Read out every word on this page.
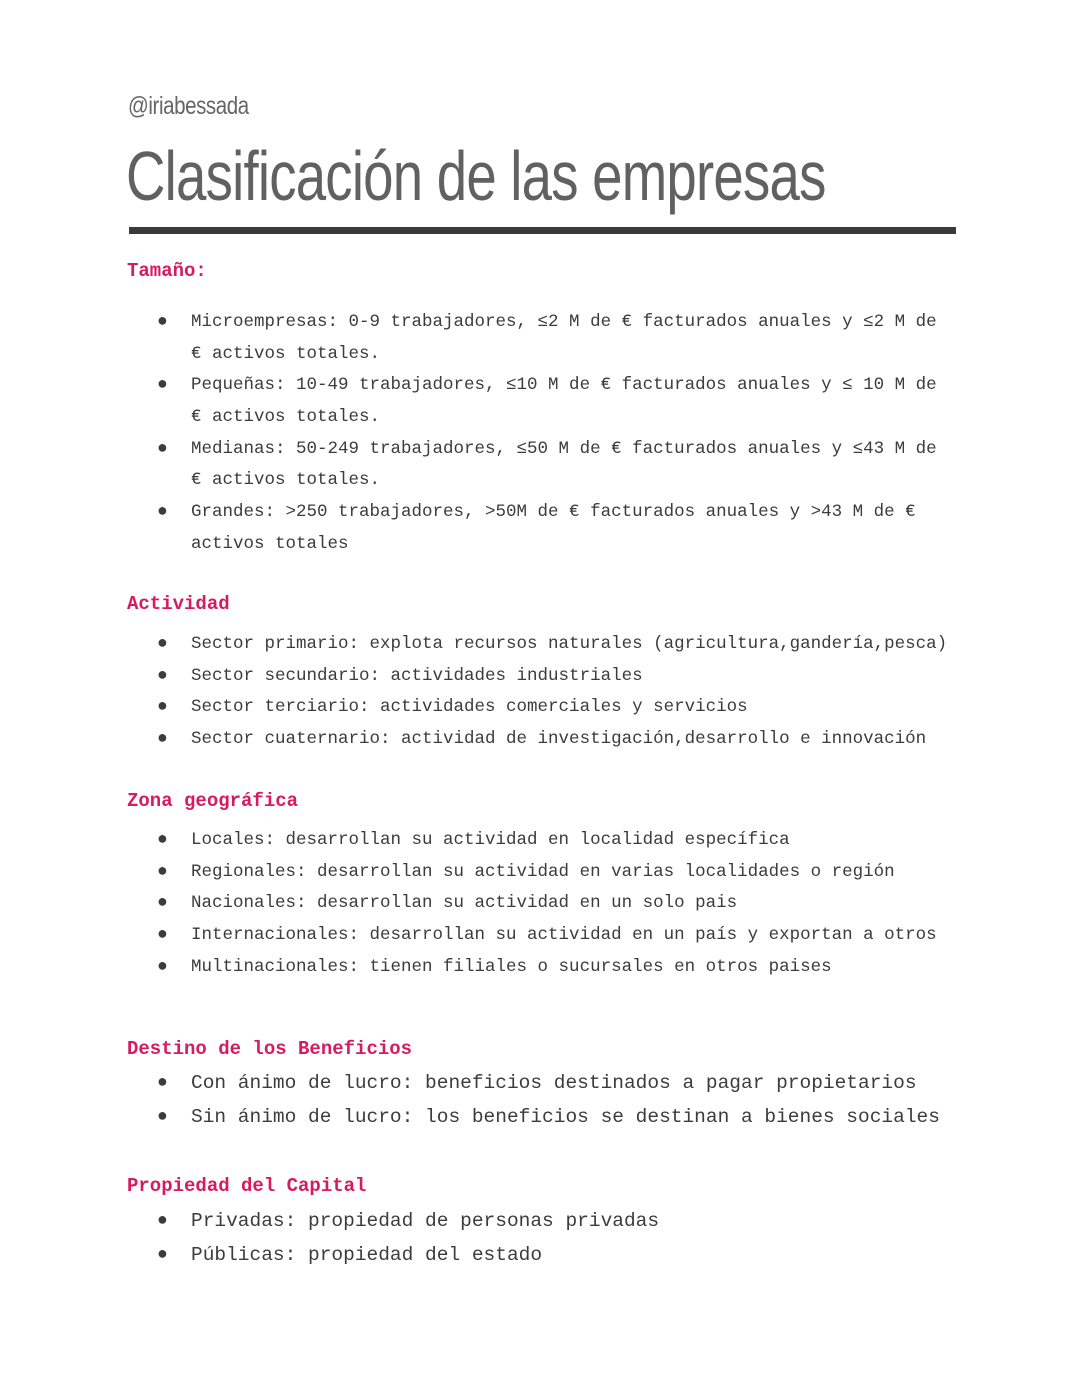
@iriabessada
Clasificación de las empresas
Tamaño:
● Microempresas: 0-9 trabajadores, ≤2 M de € facturados anuales y ≤2 M de € activos totales.
● Pequeñas: 10-49 trabajadores, ≤10 M de € facturados anuales y ≤ 10 M de € activos totales.
● Medianas: 50-249 trabajadores, ≤50 M de € facturados anuales y ≤43 M de € activos totales.
● Grandes: >250 trabajadores, >50M de € facturados anuales y >43 M de € activos totales
Actividad
● Sector primario: explota recursos naturales (agricultura,gandería,pesca)
● Sector secundario: actividades industriales
● Sector terciario: actividades comerciales y servicios
● Sector cuaternario: actividad de investigación,desarrollo e innovación
Zona geográfica
● Locales: desarrollan su actividad en localidad específica
● Regionales: desarrollan su actividad en varias localidades o región
● Nacionales: desarrollan su actividad en un solo pais
● Internacionales: desarrollan su actividad en un país y exportan a otros
● Multinacionales: tienen filiales o sucursales en otros paises
Destino de los Beneficios
● Con ánimo de lucro: beneficios destinados a pagar propietarios
● Sin ánimo de lucro: los beneficios se destinan a bienes sociales
Propiedad del Capital
● Privadas: propiedad de personas privadas
● Públicas: propiedad del estado
